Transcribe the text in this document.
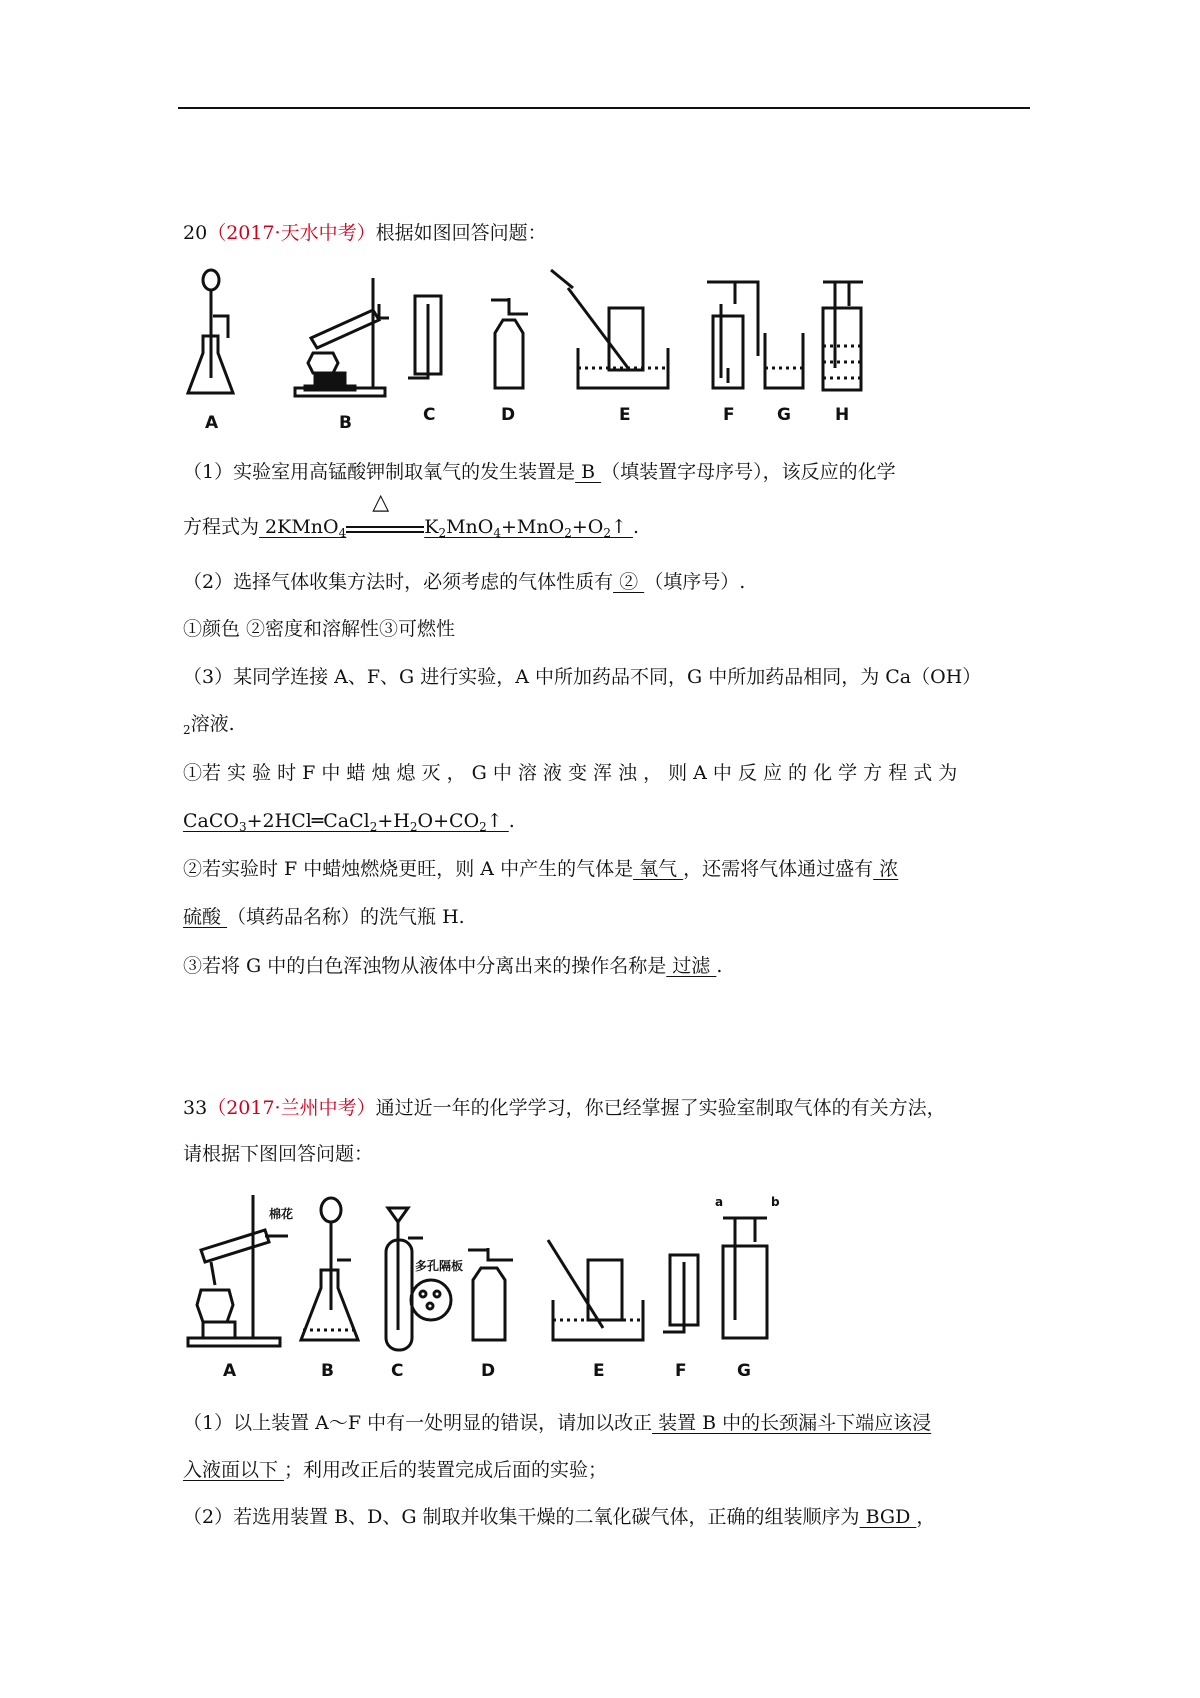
20（2017·天水中考）根据如图回答问题：
A	B	C	D	E	F G	H
（1）实验室用高锰酸钾制取氧气的发生装置是 B （填装置字母序号），该反应的化学
方程式为 2KMnO$_4$
△
$K_2MnO_4+MnO_2+O_2↑$ .
（2）选择气体收集方法时，必须考虑的气体性质有 ② （填序号）.
①颜色 ②密度和溶解性③可燃性
（3）某同学连接 A、F、G 进行实验，A 中所加药品不同，G 中所加药品相同，为 Ca（OH）
$_2$溶液.
①若 实 验 时 F 中 蜡 烛 熄 灭 ， G 中 溶 液 变 浑 浊 ， 则 A 中 反 应 的 化 学 方 程 式 为
$CaCO_3+2HCl═CaCl_2+H_2O+CO_2↑$ .
②若实验时 F 中蜡烛燃烧更旺，则 A 中产生的气体是 氧气 ，还需将气体通过盛有 浓
硫酸 （填药品名称）的洗气瓶 H.
③若将 G 中的白色浑浊物从液体中分离出来的操作名称是 过滤 .
33（2017·兰州中考）通过近一年的化学学习，你已经掌握了实验室制取气体的有关方法，
请根据下图回答问题：
棉花
多孔隔板
a	b
A	B	C	D	E	F	G
（1）以上装置 A～F 中有一处明显的错误，请加以改正 装置 B 中的长颈漏斗下端应该浸
入液面以下 ；利用改正后的装置完成后面的实验；
（2）若选用装置 B、D、G 制取并收集干燥的二氧化碳气体，正确的组装顺序为 BGD ，
